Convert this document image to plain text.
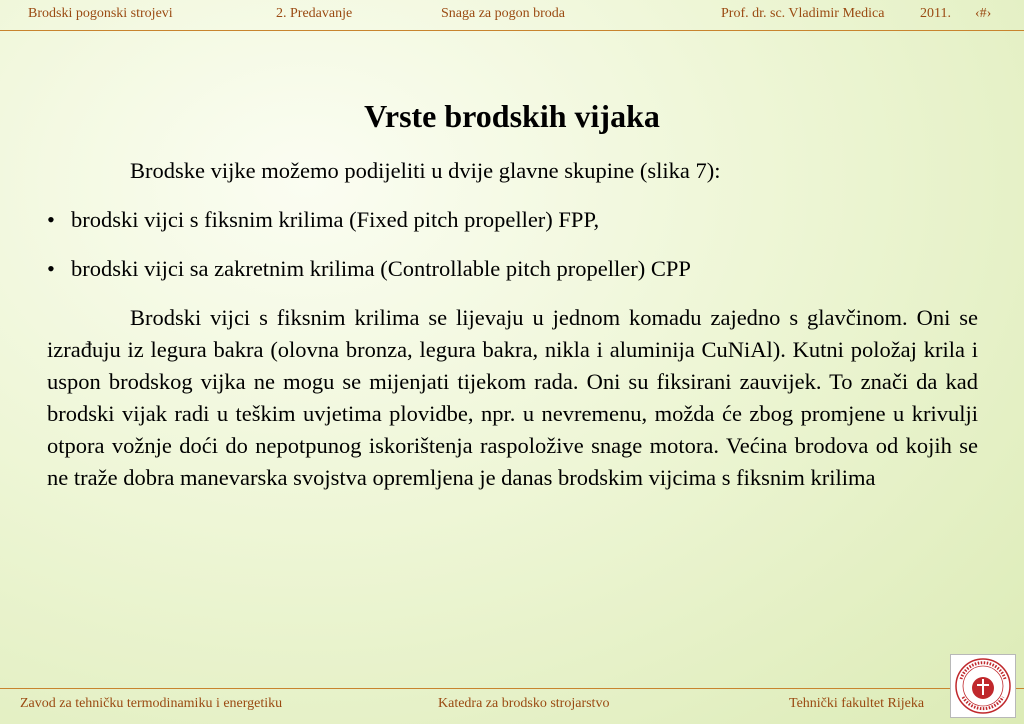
Brodski pogonski strojevi	2. Predavanje	Snaga za pogon broda	Prof. dr. sc. Vladimir Medica	2011. ‹#›
Vrste brodskih vijaka

Brodske vijke možemo podijeliti u dvije glavne skupine (slika 7):

• brodski vijci s fiksnim krilima (Fixed pitch propeller) FPP,

• brodski vijci sa zakretnim krilima (Controllable pitch propeller) CPP

Brodski vijci s fiksnim krilima se lijevaju u jednom komadu zajedno s glavčinom. Oni se izrađuju iz legura bakra (olovna bronza, legura bakra, nikla i aluminija CuNiAl). Kutni položaj krila i uspon brodskog vijka ne mogu se mijenjati tijekom rada. Oni su fiksirani zauvijek. To znači da kad brodski vijak radi u teškim uvjetima plovidbe, npr. u nevremenu, možda će zbog promjene u krivulji otpora vožnje doći do nepotpunog iskorištenja raspoložive snage motora. Većina brodova od kojih se ne traže dobra manevarska svojstva opremljena je danas brodskim vijcima s fiksnim krilima

Zavod za tehničku termodinamiku i energetiku	Katedra za brodsko strojarstvo	Tehnički fakultet Rijeka
